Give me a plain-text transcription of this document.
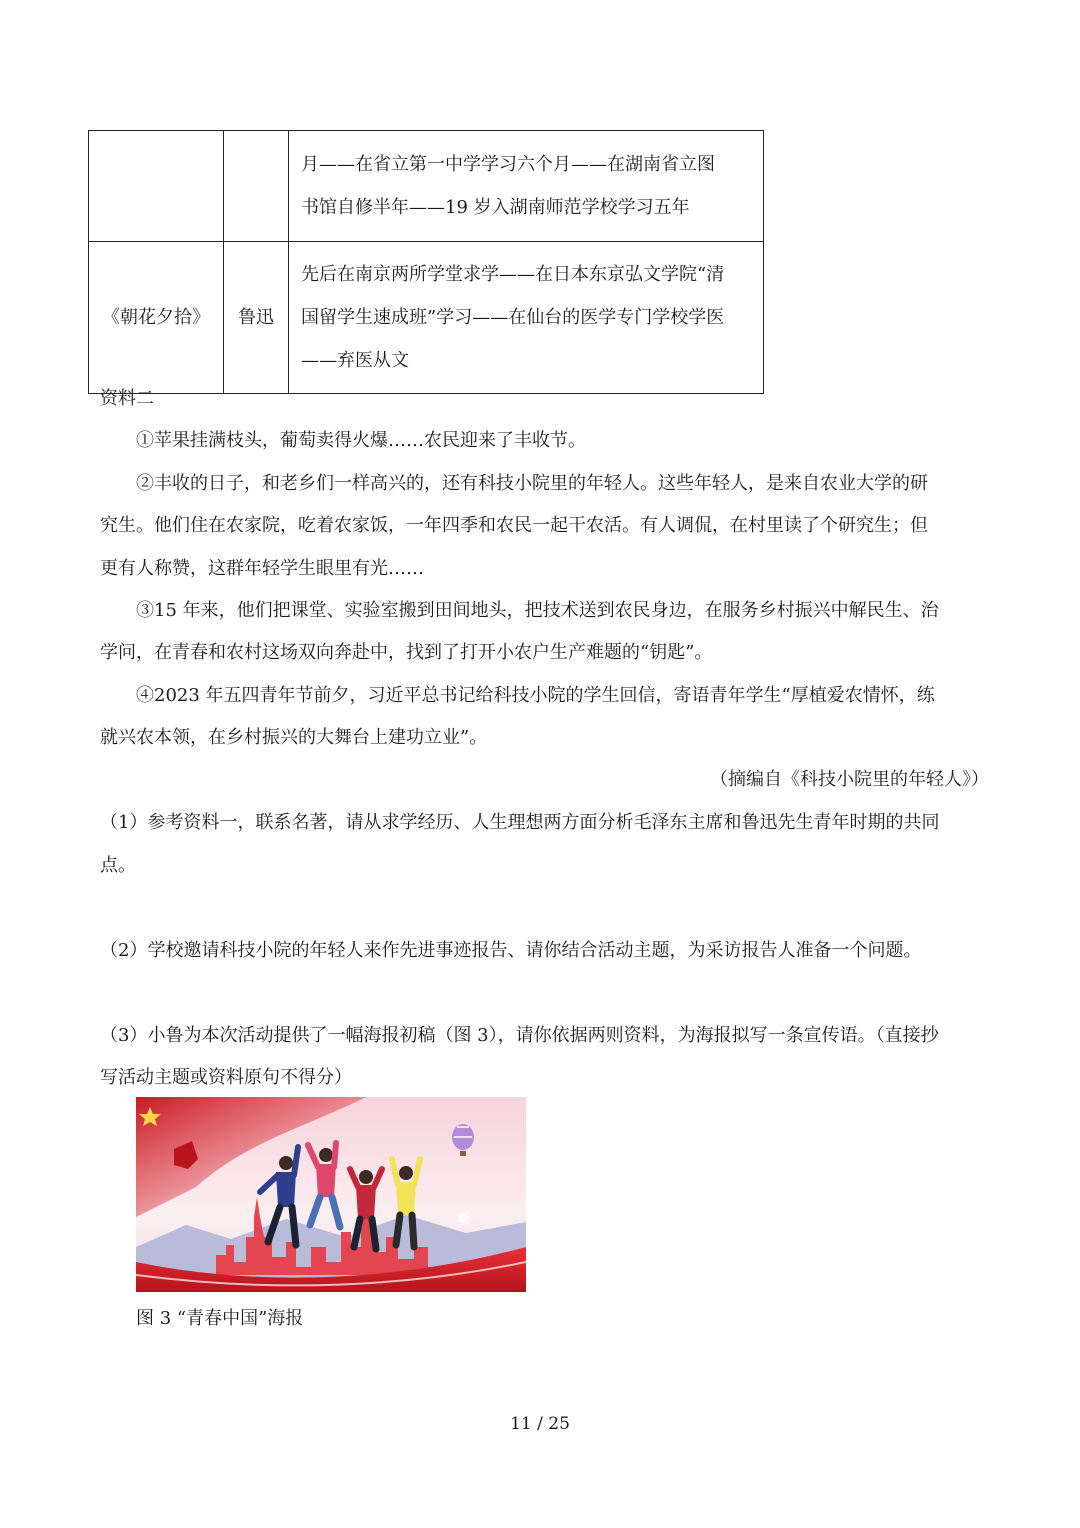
		月——在省立第一中学学习六个月——在湖南省立图
书馆自修半年——19 岁入湖南师范学校学习五年

《朝花夕拾》	鲁迅	先后在南京两所学堂求学——在日本东京弘文学院“清
国留学生速成班”学习——在仙台的医学专门学校学医
——弃医从文
资料二
①苹果挂满枝头，葡萄卖得火爆……农民迎来了丰收节。
②丰收的日子，和老乡们一样高兴的，还有科技小院里的年轻人。这些年轻人，是来自农业大学的研
究生。他们住在农家院，吃着农家饭，一年四季和农民一起干农活。有人调侃，在村里读了个研究生；但
更有人称赞，这群年轻学生眼里有光……
③15 年来，他们把课堂、实验室搬到田间地头，把技术送到农民身边，在服务乡村振兴中解民生、治
学问，在青春和农村这场双向奔赴中，找到了打开小农户生产难题的“钥匙”。
④2023 年五四青年节前夕，习近平总书记给科技小院的学生回信，寄语青年学生“厚植爱农情怀，练
就兴农本领，在乡村振兴的大舞台上建功立业”。
（摘编自《科技小院里的年轻人》）
（1）参考资料一，联系名著，请从求学经历、人生理想两方面分析毛泽东主席和鲁迅先生青年时期的共同
点。
（2）学校邀请科技小院的年轻人来作先进事迹报告、请你结合活动主题，为采访报告人准备一个问题。
（3）小鲁为本次活动提供了一幅海报初稿（图 3），请你依据两则资料，为海报拟写一条宣传语。（直接抄
写活动主题或资料原句不得分）
图 3 “青春中国”海报
11 / 25
